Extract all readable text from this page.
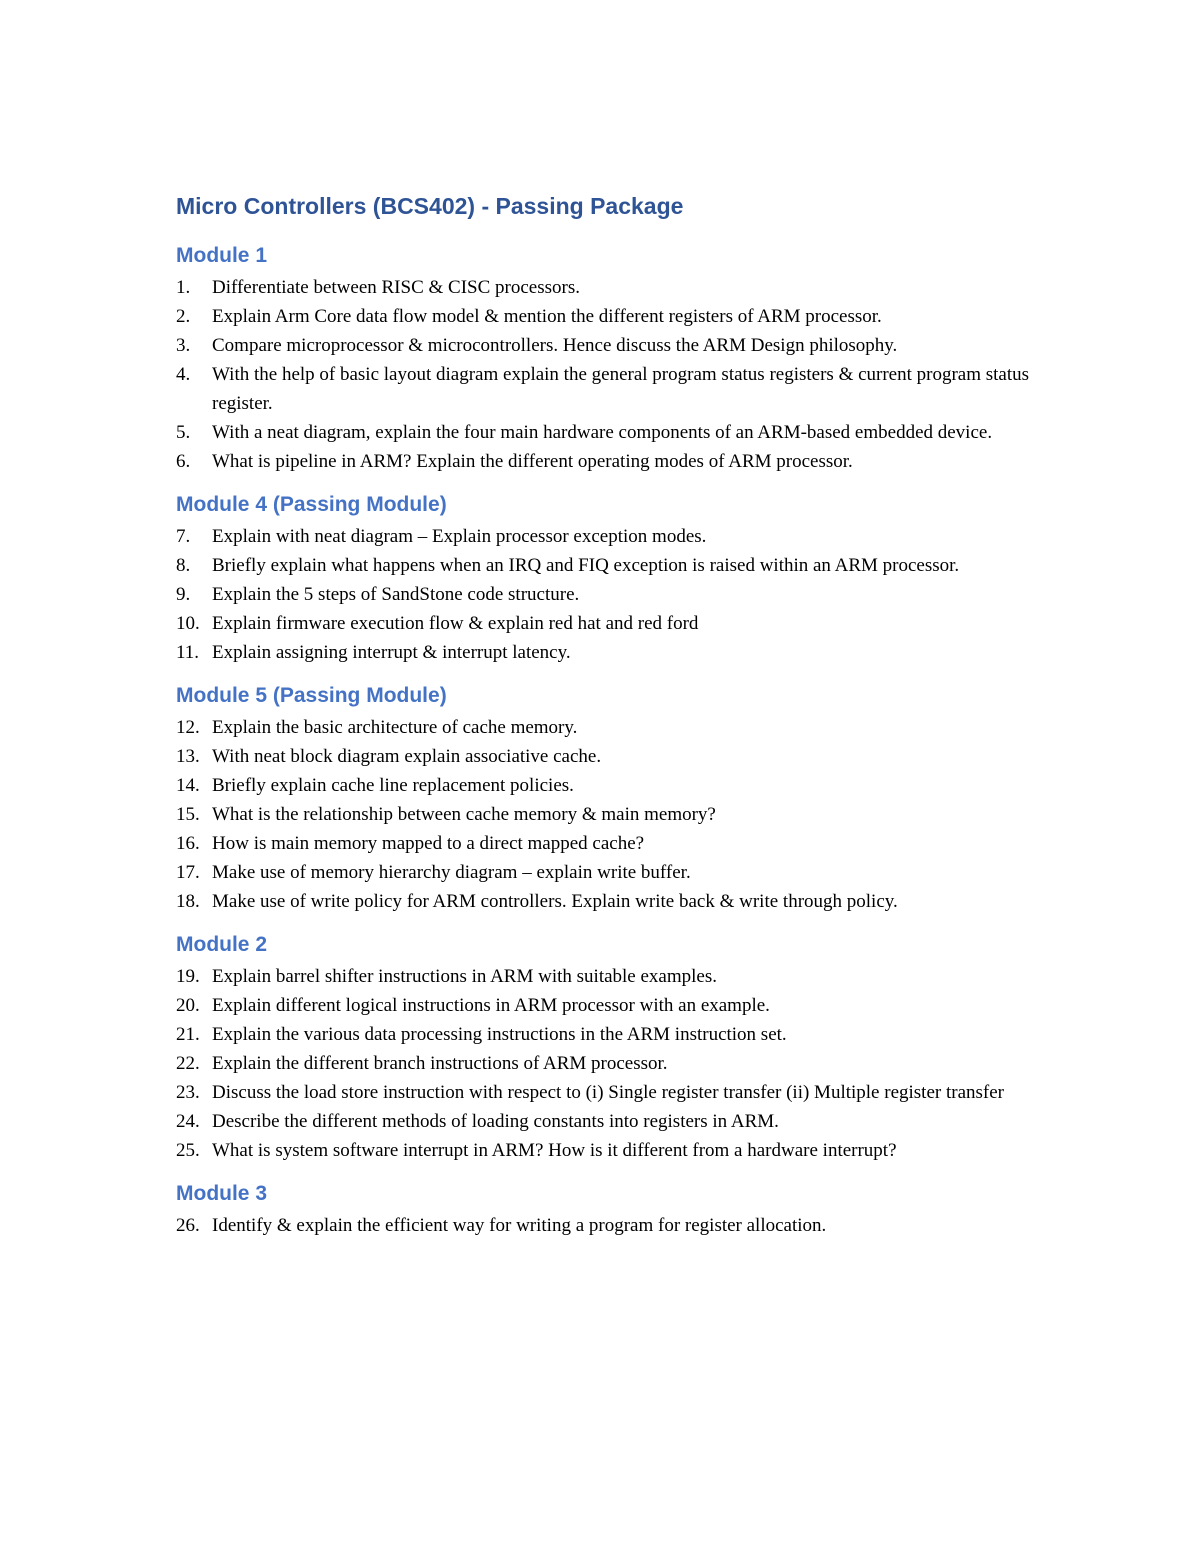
Micro Controllers (BCS402) - Passing Package
Module 1
1.	Differentiate between RISC & CISC processors.
2.	Explain Arm Core data flow model & mention the different registers of ARM processor.
3.	Compare microprocessor & microcontrollers. Hence discuss the ARM Design philosophy.
4.	With the help of basic layout diagram explain the general program status registers & current program status register.
5.	With a neat diagram, explain the four main hardware components of an ARM-based embedded device.
6.	What is pipeline in ARM? Explain the different operating modes of ARM processor.
Module 4 (Passing Module)
7.	Explain with neat diagram – Explain processor exception modes.
8.	Briefly explain what happens when an IRQ and FIQ exception is raised within an ARM processor.
9.	Explain the 5 steps of SandStone code structure.
10. Explain firmware execution flow & explain red hat and red ford
11. Explain assigning interrupt & interrupt latency.
Module 5 (Passing Module)
12. Explain the basic architecture of cache memory.
13. With neat block diagram explain associative cache.
14. Briefly explain cache line replacement policies.
15. What is the relationship between cache memory & main memory?
16. How is main memory mapped to a direct mapped cache?
17. Make use of memory hierarchy diagram – explain write buffer.
18. Make use of write policy for ARM controllers. Explain write back & write through policy.
Module 2
19. Explain barrel shifter instructions in ARM with suitable examples.
20. Explain different logical instructions in ARM processor with an example.
21. Explain the various data processing instructions in the ARM instruction set.
22. Explain the different branch instructions of ARM processor.
23. Discuss the load store instruction with respect to (i) Single register transfer (ii) Multiple register transfer
24. Describe the different methods of loading constants into registers in ARM.
25. What is system software interrupt in ARM? How is it different from a hardware interrupt?
Module 3
26. Identify & explain the efficient way for writing a program for register allocation.
